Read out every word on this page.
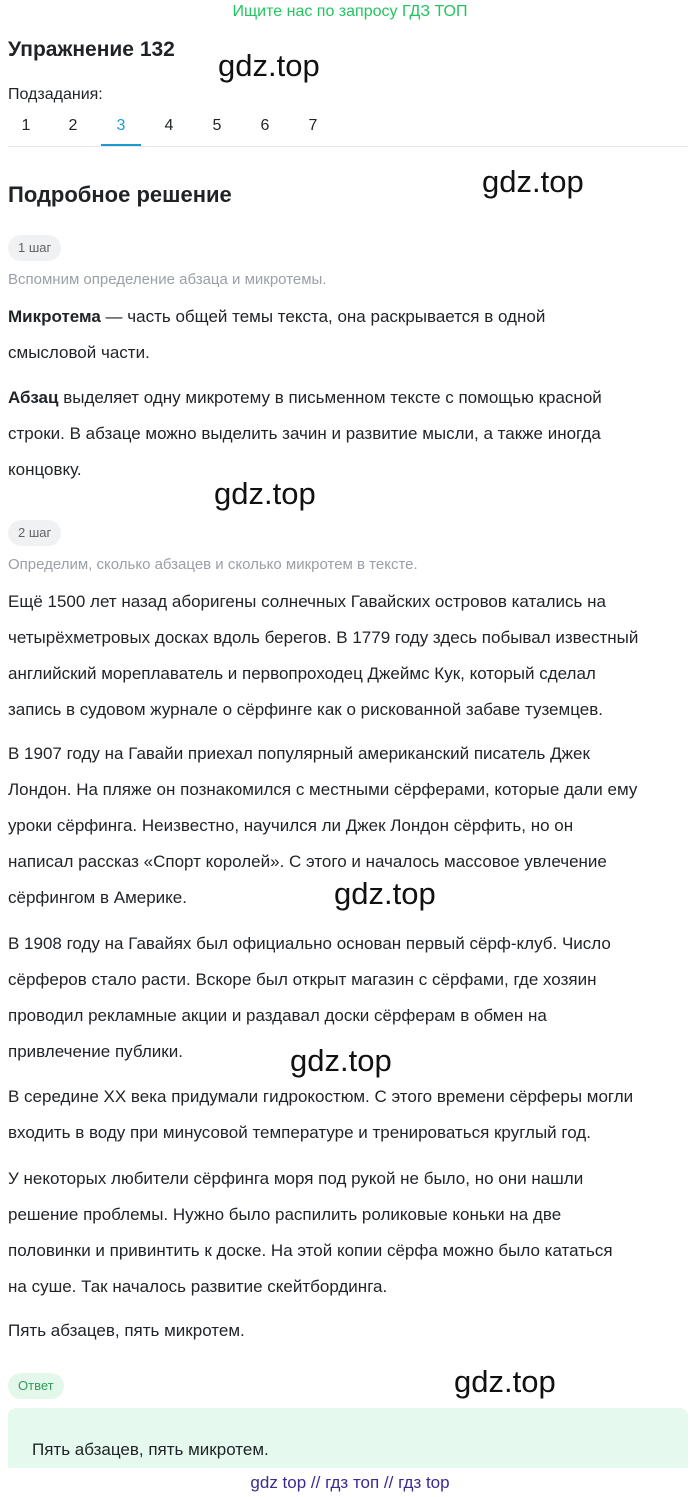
Ищите нас по запросу ГДЗ ТОП
Упражнение 132 gdz.top
Подзадания:
1	2	3	4	5	6	7
Подробное решение	gdz.top
1 шаг
Вспомним определение абзаца и микротемы.
Микротема — часть общей темы текста, она раскрывается в одной
смысловой части.
Абзац выделяет одну микротему в письменном тексте с помощью красной
строки. В абзаце можно выделить зачин и развитие мысли, а также иногда
концовку.
gdz.top
2 шаг
Определим, сколько абзацев и сколько микротем в тексте.
Ещё 1500 лет назад аборигены солнечных Гавайских островов катались на
четырёхметровых досках вдоль берегов. В 1779 году здесь побывал известный
английский мореплаватель и первопроходец Джеймс Кук, который сделал
запись в судовом журнале о сёрфинге как о рискованной забаве туземцев.
В 1907 году на Гавайи приехал популярный американский писатель Джек
Лондон. На пляже он познакомился с местными сёрферами, которые дали ему
уроки сёрфинга. Неизвестно, научился ли Джек Лондон сёрфить, но он
написал рассказ «Спорт королей». С этого и началось массовое увлечение
сёрфингом в Америке.	gdz.top
В 1908 году на Гавайях был официально основан первый сёрф-клуб. Число
сёрферов стало расти. Вскоре был открыт магазин с сёрфами, где хозяин
проводил рекламные акции и раздавал доски сёрферам в обмен на
привлечение публики.	gdz.top
В середине XX века придумали гидрокостюм. С этого времени сёрферы могли
входить в воду при минусовой температуре и тренироваться круглый год.
У некоторых любители сёрфинга моря под рукой не было, но они нашли
решение проблемы. Нужно было распилить роликовые коньки на две
половинки и привинтить к доске. На этой копии сёрфа можно было кататься
на суше. Так началось развитие скейтбординга.
Пять абзацев, пять микротем.
Ответ	gdz.top
Пять абзацев, пять микротем.
gdz top // гдз топ // гдз top
